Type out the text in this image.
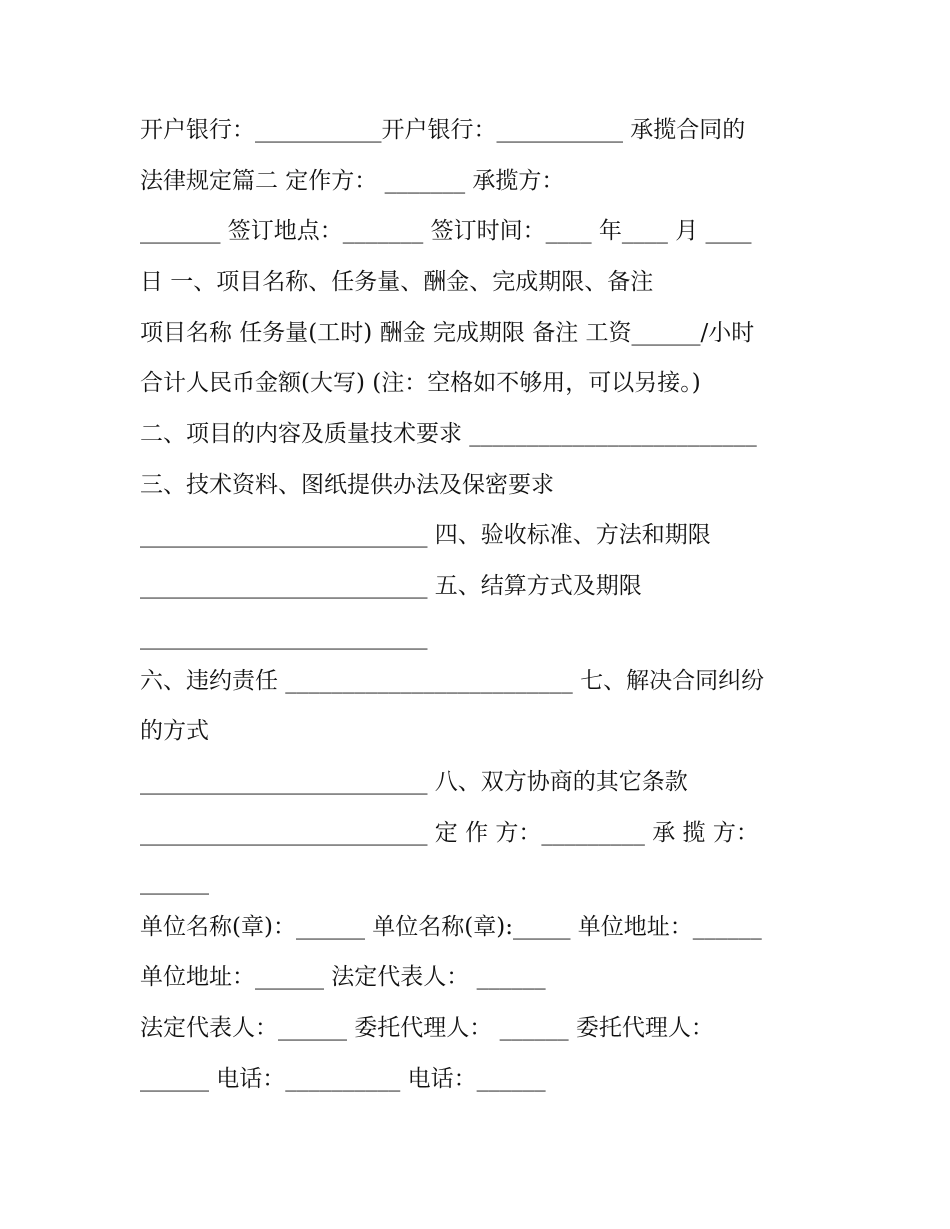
开户银行：___________开户银行：___________ 承揽合同的

法律规定篇二 定作方： _______ 承揽方：

_______ 签订地点：_______ 签订时间：____ 年____ 月 ____

日 一、项目名称、任务量、酬金、完成期限、备注

项目名称 任务量(工时) 酬金 完成期限 备注 工资______/小时

合计人民币金额(大写) (注：空格如不够用，可以另接。)

二、项目的内容及质量技术要求 _________________________

三、技术资料、图纸提供办法及保密要求

_________________________ 四、验收标准、方法和期限

_________________________ 五、结算方式及期限

_________________________

六、违约责任 _________________________ 七、解决合同纠纷

的方式

_________________________ 八、双方协商的其它条款

_________________________ 定 作 方：_________ 承 揽 方：

______

单位名称(章)：______ 单位名称(章):_____ 单位地址：______

单位地址：______ 法定代表人： ______

法定代表人：______ 委托代理人： ______ 委托代理人：

______ 电话：__________ 电话：______
